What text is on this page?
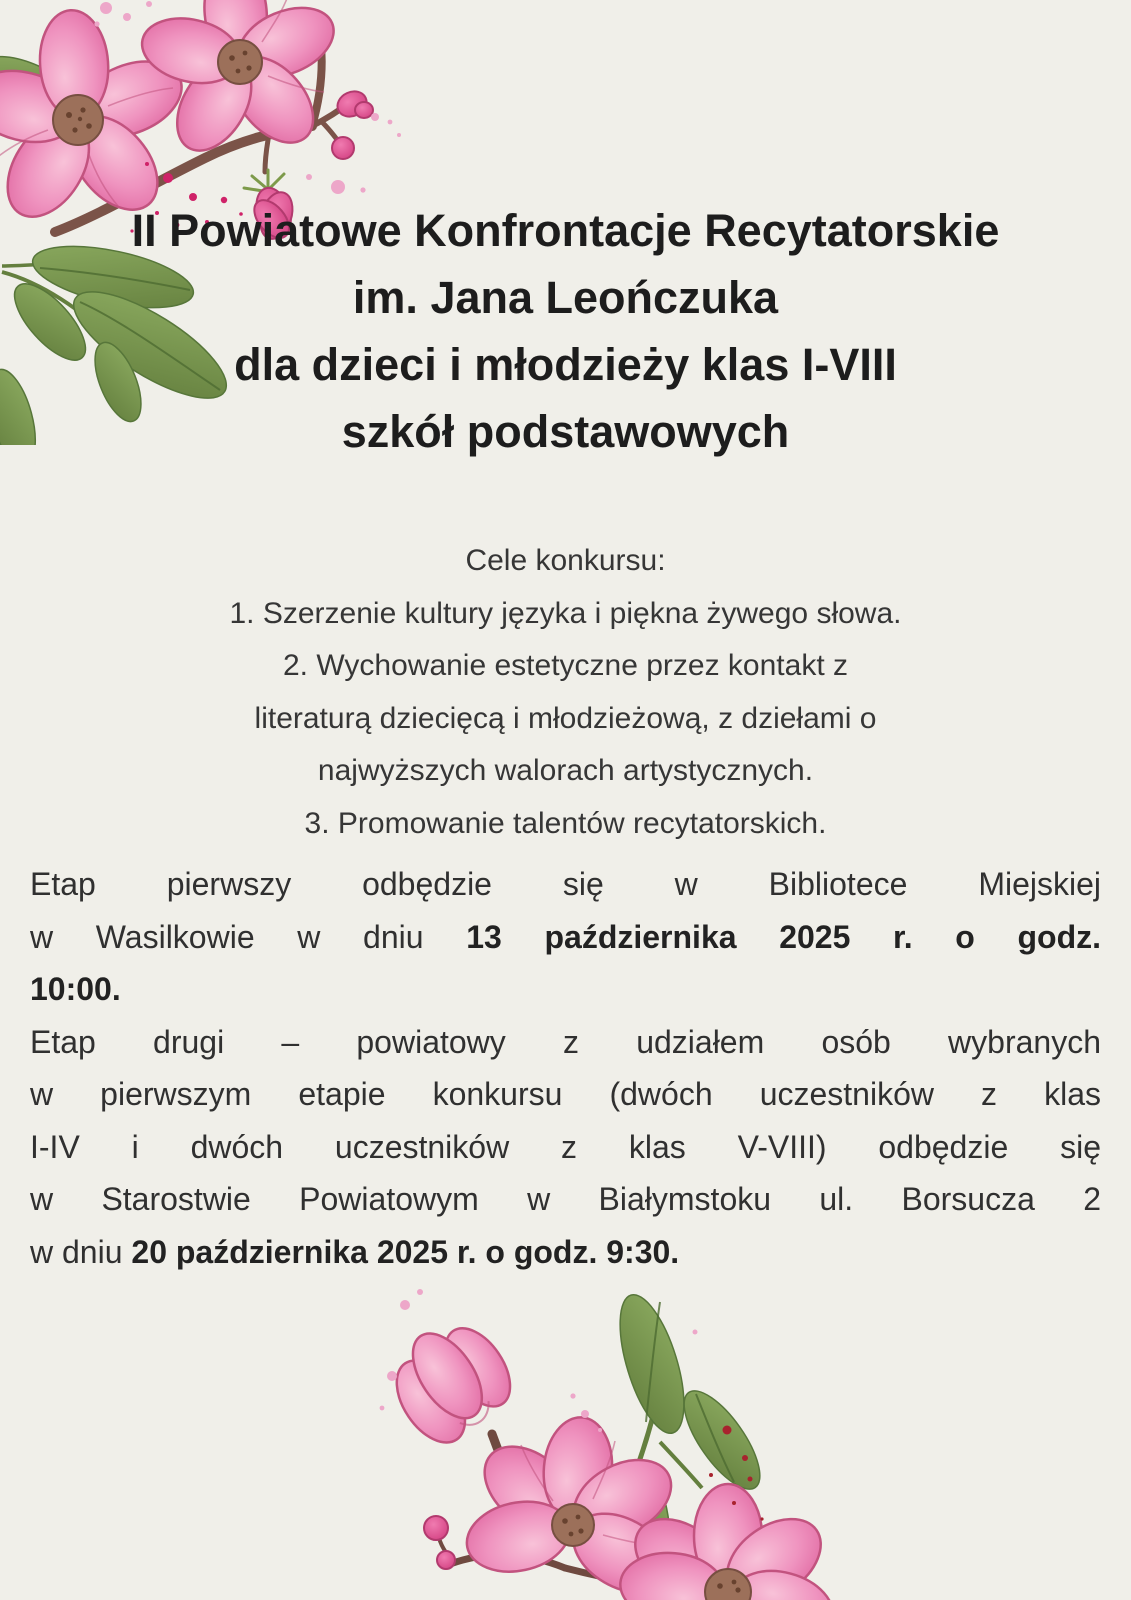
II Powiatowe Konfrontacje Recytatorskie
im. Jana Leończuka
dla dzieci i młodzieży klas I-VIII
szkół podstawowych
Cele konkursu:
1. Szerzenie kultury języka i piękna żywego słowa.
2. Wychowanie estetyczne przez kontakt z
literaturą dziecięcą i młodzieżową, z dziełami o
najwyższych walorach artystycznych.
3. Promowanie talentów recytatorskich.
Etap pierwszy odbędzie się w Bibliotece Miejskiej
w Wasilkowie w dniu 13 października 2025 r. o godz.
10:00.
Etap drugi – powiatowy z udziałem osób wybranych
w pierwszym etapie konkursu (dwóch uczestników z klas
I-IV i dwóch uczestników z klas V-VIII) odbędzie się
w Starostwie Powiatowym w Białymstoku ul. Borsucza 2
w dniu 20 października 2025 r. o godz. 9:30.
